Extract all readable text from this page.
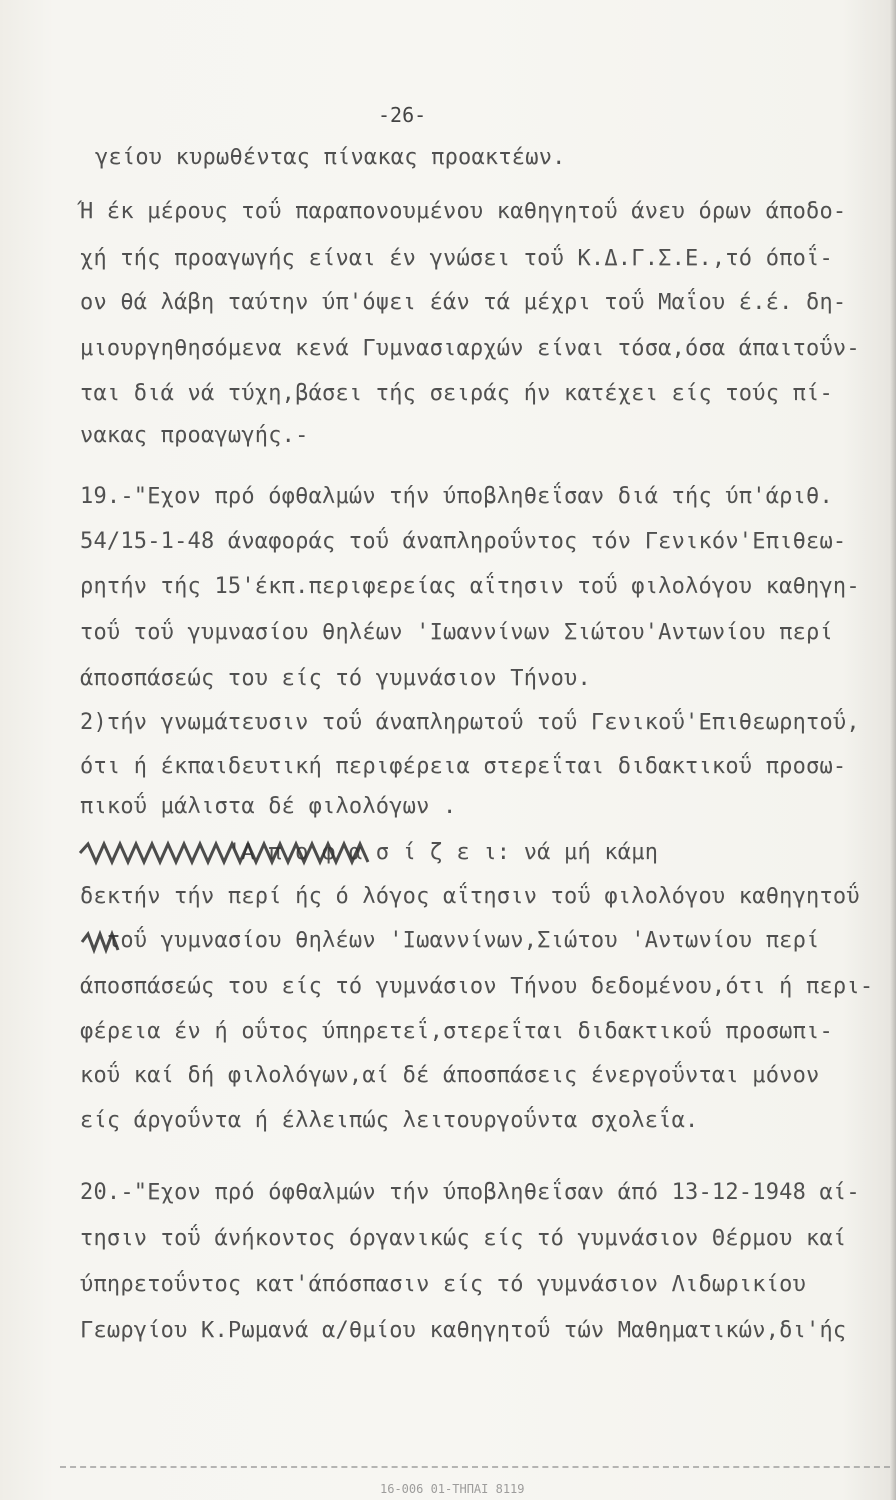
-26-
γείου κυρωθέντας πίνακας προακτέων.
Ή έκ μέρους τοΰ παραπονουμένου καθηγητοΰ άνευ όρων άποδο-
χή τής προαγωγής είναι έν γνώσει τοΰ Κ.Δ.Γ.Σ.Ε.,τό όποΐ-
ον θά λάβη ταύτην ύπ'όψει έάν τά μέχρι τοΰ Μαΐου έ.έ. δη-
μιουργηθησόμενα κενά Γυμνασιαρχών είναι τόσα,όσα άπαιτοΰν-
ται διά νά τύχη,βάσει τής σειράς ήν κατέχει είς τούς πί-
νακας προαγωγής.-
19.-"Εχον πρό όφθαλμών τήν ύποβληθεΐσαν διά τής ύπ'άριθ.
54/15-1-48 άναφοράς τοΰ άναπληροΰντος τόν Γενικόν'Επιθεω-
ρητήν τής 15'έκπ.περιφερείας αΐτησιν τοΰ φιλολόγου καθηγη-
τοΰ τοΰ γυμνασίου θηλέων 'Ιωαννίνων Σιώτου'Αντωνίου περί
άποσπάσεώς του είς τό γυμνάσιον Τήνου.
2)τήν γνωμάτευσιν τοΰ άναπληρωτοΰ τοΰ Γενικοΰ'Επιθεωρητοΰ,
ότι ή έκπαιδευτική περιφέρεια στερεΐται διδακτικοΰ προσω-
πικοΰ μάλιστα δέ φιλολόγων .
'Α π ο φ α σ ί ζ ε ι: νά μή κάμη
δεκτήν τήν περί ής ό λόγος αΐτησιν τοΰ φιλολόγου καθηγητοΰ
τοΰ γυμνασίου θηλέων 'Ιωαννίνων,Σιώτου 'Αντωνίου περί
άποσπάσεώς του είς τό γυμνάσιον Τήνου δεδομένου,ότι ή περι-
φέρεια έν ή οΰτος ύπηρετεΐ,στερεΐται διδακτικοΰ προσωπι-
κοΰ καί δή φιλολόγων,αί δέ άποσπάσεις ένεργοΰνται μόνον
είς άργοΰντα ή έλλειπώς λειτουργοΰντα σχολεΐα.
20.-"Εχον πρό όφθαλμών τήν ύποβληθεΐσαν άπό 13-12-1948 αί-
τησιν τοΰ άνήκοντος όργανικώς είς τό γυμνάσιον Θέρμου καί
ύπηρετοΰντος κατ'άπόσπασιν είς τό γυμνάσιον Λιδωρικίου
Γεωργίου Κ.Ρωμανά α/θμίου καθηγητοΰ τών Μαθηματικών,δι'ής
16-006 01-ΤΗΠΑΙ 8119
